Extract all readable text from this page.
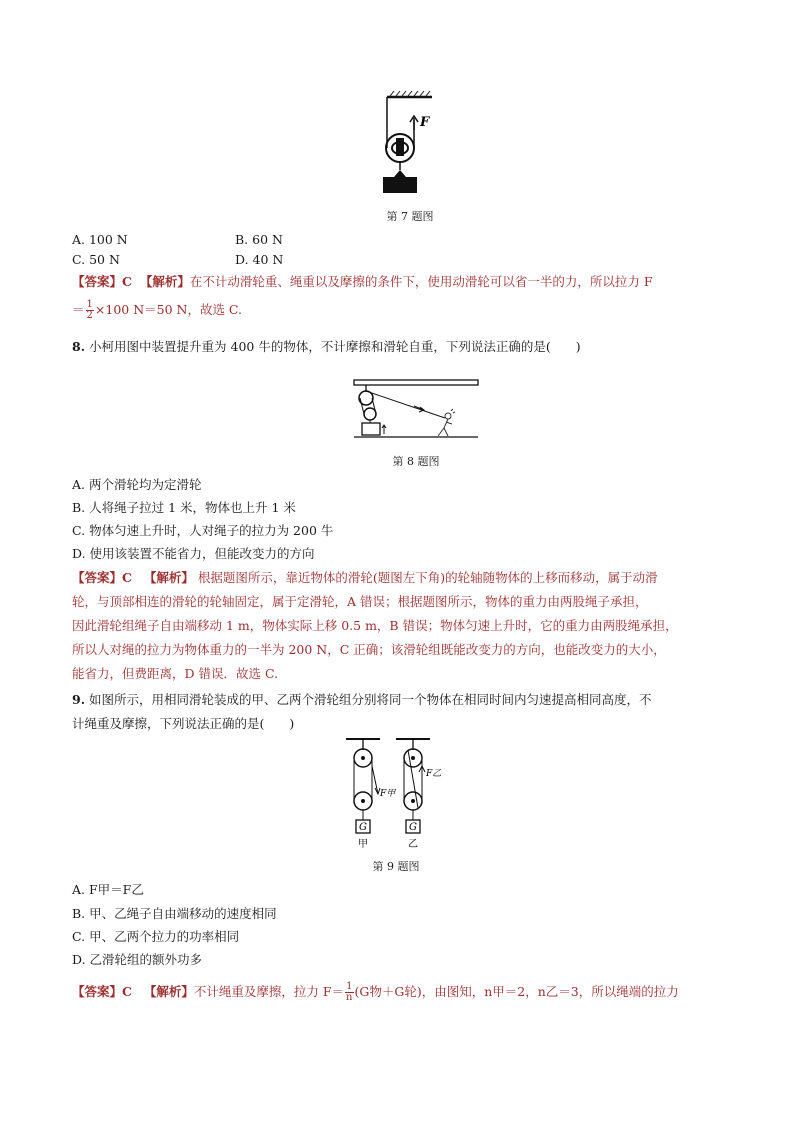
F
第 7 题图
A. 100 N	B. 60 N
C. 50 N	D. 40 N
【答案】C 【解析】在不计动滑轮重、绳重以及摩擦的条件下，使用动滑轮可以省一半的力，所以拉力 F
＝ $\frac{1}{2} \times 100$ N＝50 N，故选 C.
8. 小柯用图中装置提升重为 400 牛的物体，不计摩擦和滑轮自重，下列说法正确的是(　　)
第 8 题图
A. 两个滑轮均为定滑轮
B. 人将绳子拉过 1 米，物体也上升 1 米
C. 物体匀速上升时，人对绳子的拉力为 200 牛
D. 使用该装置不能省力，但能改变力的方向
【答案】C 【解析】 根据题图所示，靠近物体的滑轮(题图左下角)的轮轴随物体的上移而移动，属于动滑
轮，与顶部相连的滑轮的轮轴固定，属于定滑轮，A 错误；根据题图所示，物体的重力由两股绳子承担，
因此滑轮组绳子自由端移动 1 m，物体实际上移 0.5 m，B 错误；物体匀速上升时，它的重力由两股绳承担，
所以人对绳的拉力为物体重力的一半为 200 N，C 正确；该滑轮组既能改变力的方向，也能改变力的大小，
能省力，但费距离，D 错误．故选 C.
9. 如图所示，用相同滑轮装成的甲、乙两个滑轮组分别将同一个物体在相同时间内匀速提高相同高度，不
计绳重及摩擦，下列说法正确的是(　　)
G
F甲
甲
G
F乙
乙
第 9 题图
A. F甲＝F乙
B. 甲、乙绳子自由端移动的速度相同
C. 甲、乙两个拉力的功率相同
D. 乙滑轮组的额外功多
【答案】C 【解析】不计绳重及摩擦，拉力 $F= \frac{1}{n} (G$物＋G轮)，由图知，n甲＝2，n乙＝3，所以绳端的拉力
